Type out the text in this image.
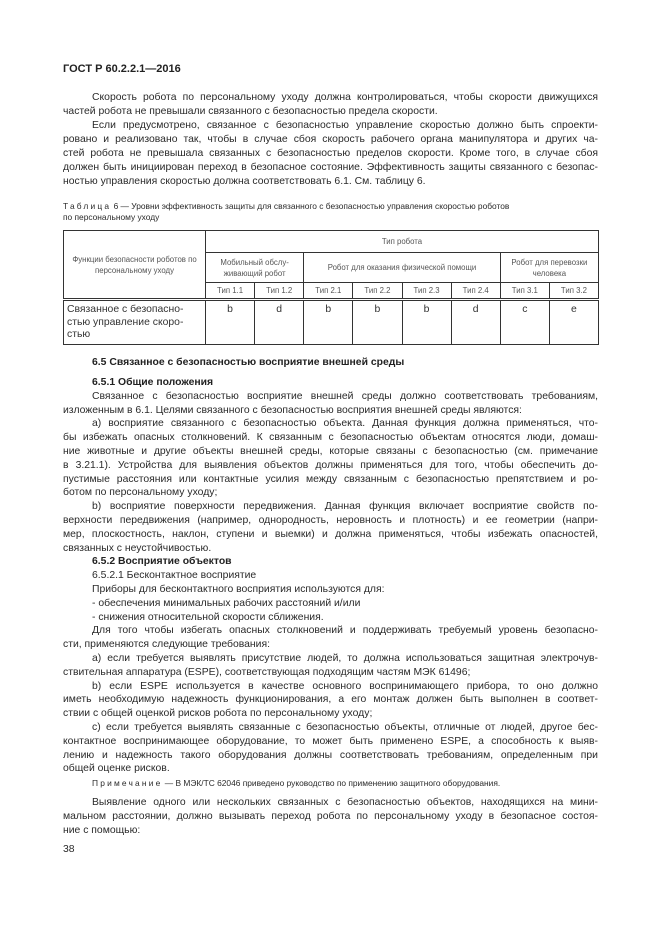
ГОСТ Р 60.2.2.1—2016
Скорость робота по персональному уходу должна контролироваться, чтобы скорости движущихся
частей робота не превышали связанного с безопасностью предела скорости.
Если предусмотрено, связанное с безопасностью управление скоростью должно быть спроекти-
ровано и реализовано так, чтобы в случае сбоя скорость рабочего органа манипулятора и других ча-
стей робота не превышала связанных с безопасностью пределов скорости. Кроме того, в случае сбоя
должен быть инициирован переход в безопасное состояние. Эффективность защиты связанного с безопас-
ностью управления скоростью должна соответствовать 6.1. См. таблицу 6.
Таблица 6 — Уровни эффективность защиты для связанного с безопасностью управления скоростью роботов
по персональному уходу
Функции безопасности роботов по персональному уходу	Тип робота							
	Мобильный обслу-живающий робот		Робот для оказания физической помощи				Робот для перевозки человека	
	Тип 1.1	Тип 1.2	Тип 2.1	Тип 2.2	Тип 2.3	Тип 2.4	Тип 3.1	Тип 3.2
Связанное с безопасно-стью управление скоро-стью	b	d	b	b	b	d	c	e
6.5 Связанное с безопасностью восприятие внешней среды
6.5.1 Общие положения
Связанное с безопасностью восприятие внешней среды должно соответствовать требованиям,
изложенным в 6.1. Целями связанного с безопасностью восприятия внешней среды являются:
a) восприятие связанного с безопасностью объекта. Данная функция должна применяться, что-
бы избежать опасных столкновений. К связанным с безопасностью объектам относятся люди, домаш-
ние животные и другие объекты внешней среды, которые связаны с безопасностью (см. примечание
в 3.21.1). Устройства для выявления объектов должны применяться для того, чтобы обеспечить до-
пустимые расстояния или контактные усилия между связанным с безопасностью препятствием и ро-
ботом по персональному уходу;
b) восприятие поверхности передвижения. Данная функция включает восприятие свойств по-
верхности передвижения (например, однородность, неровность и плотность) и ее геометрии (напри-
мер, плоскостность, наклон, ступени и выемки) и должна применяться, чтобы избежать опасностей,
связанных с неустойчивостью.
6.5.2 Восприятие объектов
6.5.2.1 Бесконтактное восприятие
Приборы для бесконтактного восприятия используются для:
- обеспечения минимальных рабочих расстояний и/или
- снижения относительной скорости сближения.
Для того чтобы избегать опасных столкновений и поддерживать требуемый уровень безопасно-
сти, применяются следующие требования:
a) если требуется выявлять присутствие людей, то должна использоваться защитная электрочув-
ствительная аппаратура (ESPE), соответствующая подходящим частям МЭК 61496;
b) если ESPE используется в качестве основного воспринимающего прибора, то оно должно
иметь необходимую надежность функционирования, а его монтаж должен быть выполнен в соответ-
ствии с общей оценкой рисков робота по персональному уходу;
c) если требуется выявлять связанные с безопасностью объекты, отличные от людей, другое бес-
контактное воспринимающее оборудование, то может быть применено ESPE, а способность к выяв-
лению и надежность такого оборудования должны соответствовать требованиям, определенным при
общей оценке рисков.
Примечание — В МЭК/ТС 62046 приведено руководство по применению защитного оборудования.
Выявление одного или нескольких связанных с безопасностью объектов, находящихся на мини-
мальном расстоянии, должно вызывать переход робота по персональному уходу в безопасное состоя-
ние с помощью:
38
